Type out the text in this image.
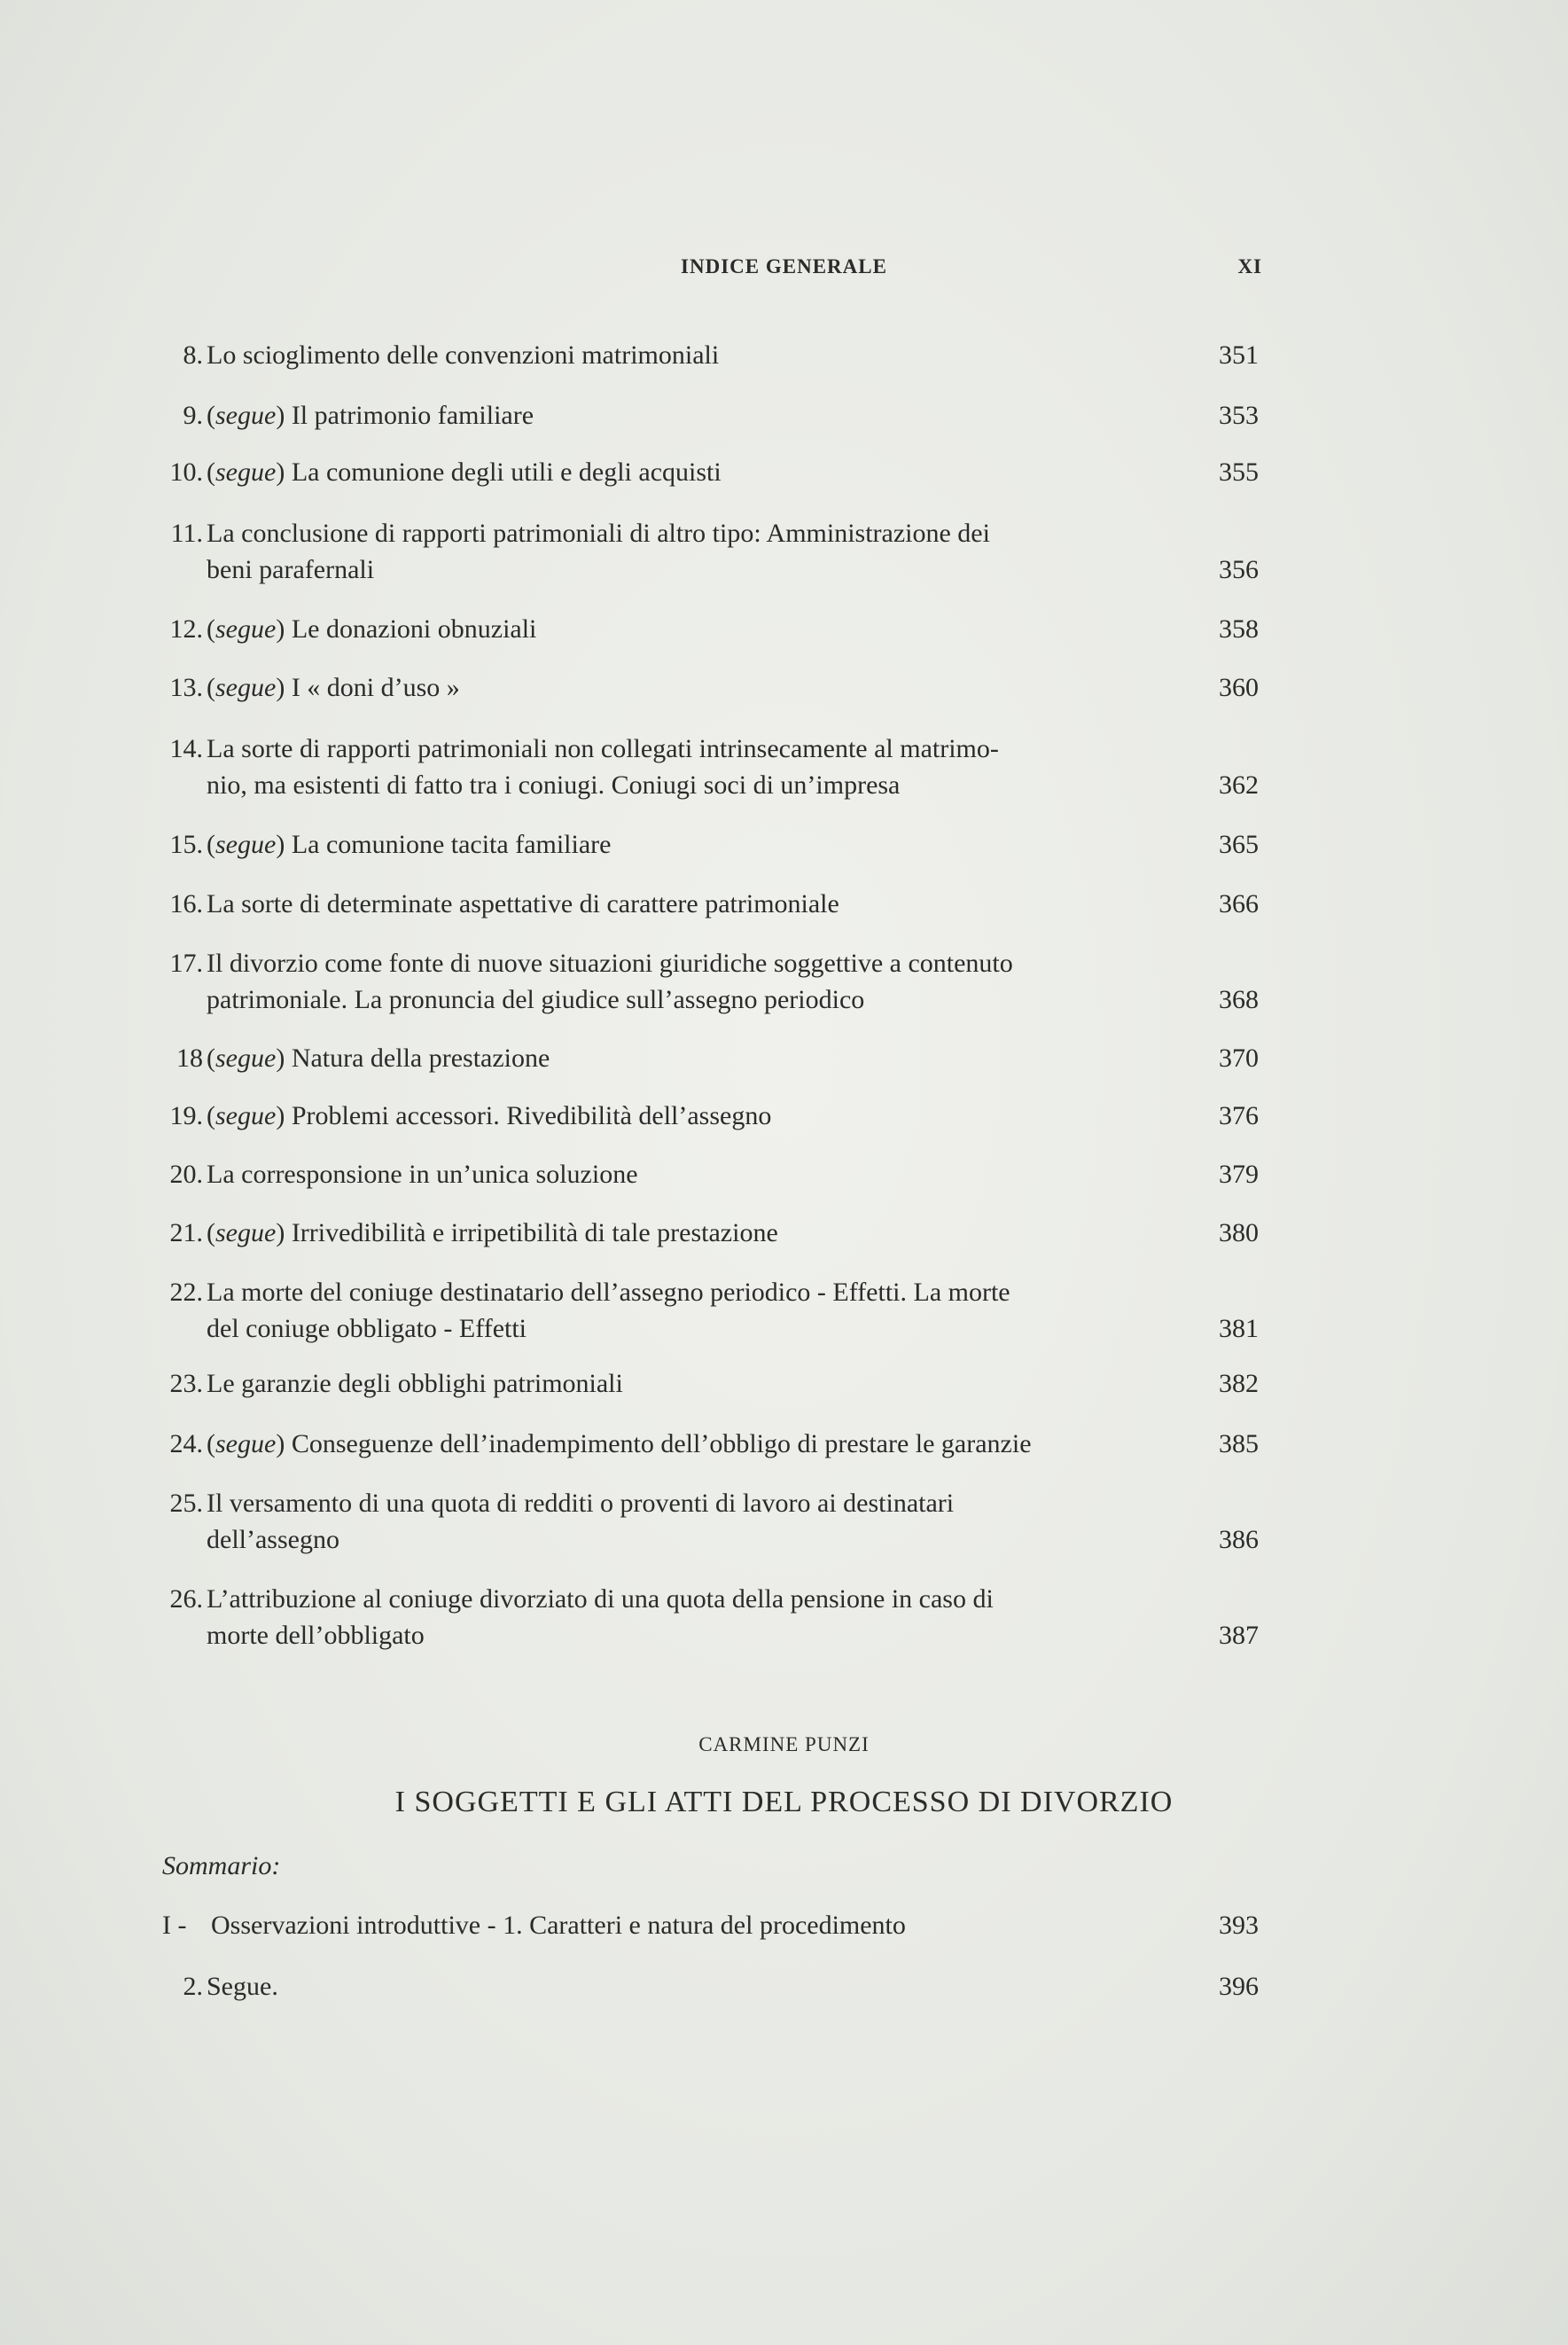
INDICE GENERALE	XI
8. Lo scioglimento delle convenzioni matrimoniali	351
9. (segue) Il patrimonio familiare	353
10. (segue) La comunione degli utili e degli acquisti	355
11. La conclusione di rapporti patrimoniali di altro tipo: Amministrazione dei
beni parafernali	356
12. (segue) Le donazioni obnuziali	358
13. (segue) I « doni d’uso »	360
14. La sorte di rapporti patrimoniali non collegati intrinsecamente al matrimo-
nio, ma esistenti di fatto tra i coniugi. Coniugi soci di un’impresa	362
15. (segue) La comunione tacita familiare	365
16. La sorte di determinate aspettative di carattere patrimoniale	366
17. Il divorzio come fonte di nuove situazioni giuridiche soggettive a contenuto
patrimoniale. La pronuncia del giudice sull’assegno periodico	368
18 (segue) Natura della prestazione	370
19. (segue) Problemi accessori. Rivedibilità dell’assegno	376
20. La corresponsione in un’unica soluzione	379
21. (segue) Irrivedibilità e irripetibilità di tale prestazione	380
22. La morte del coniuge destinatario dell’assegno periodico - Effetti. La morte
del coniuge obbligato - Effetti	381
23. Le garanzie degli obblighi patrimoniali	382
24. (segue) Conseguenze dell’inadempimento dell’obbligo di prestare le garanzie	385
25. Il versamento di una quota di redditi o proventi di lavoro ai destinatari
dell’assegno	386
26. L’attribuzione al coniuge divorziato di una quota della pensione in caso di
morte dell’obbligato	387
CARMINE PUNZI
I SOGGETTI E GLI ATTI DEL PROCESSO DI DIVORZIO
Sommario:
I - Osservazioni introduttive - 1. Caratteri e natura del procedimento	393
2. Segue.	396
